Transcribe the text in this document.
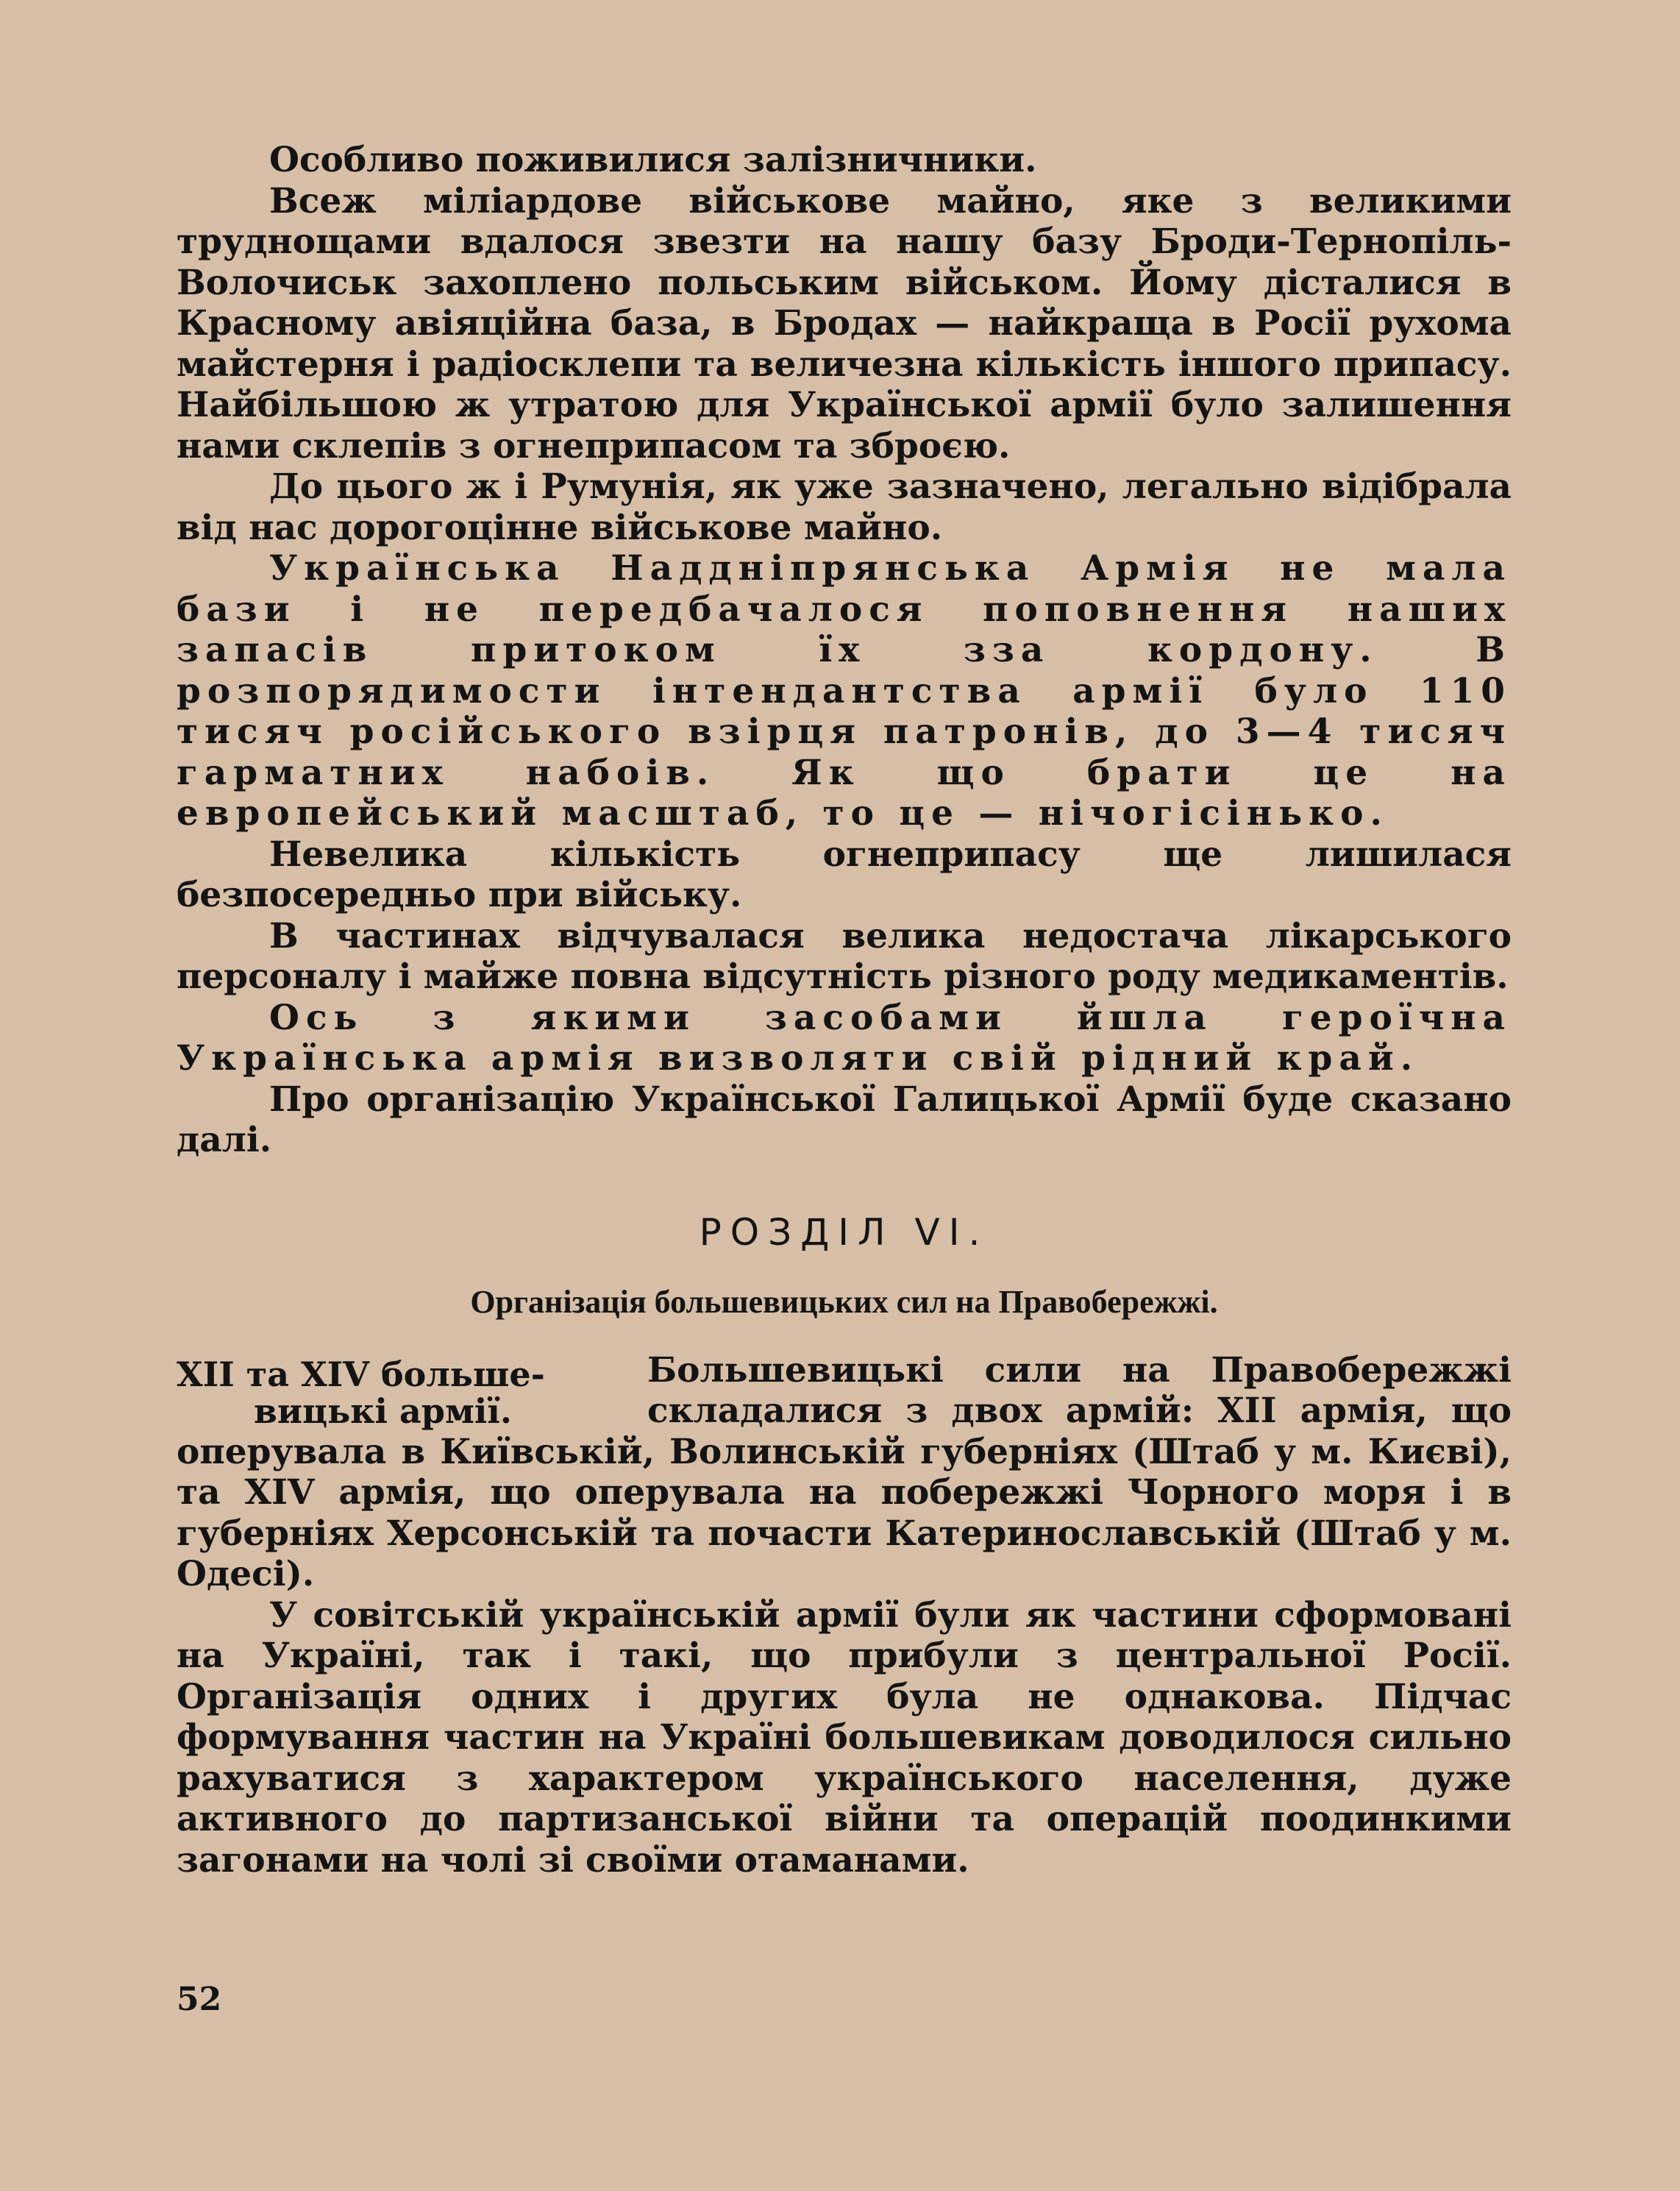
Особливо поживилися залізничники.

Всеж міліардове військове майно, яке з великими труднощами вдалося звезти на нашу базу Броди-Тернопіль-Волочиськ захоплено польським військом. Йому дісталися в Красному авіяційна база, в Бродах — найкраща в Росії рухома майстерня і радіосклепи та величезна кількість іншого припасу. Найбільшою ж утратою для Української армії було залишення нами склепів з огнеприпасом та зброєю.

До цього ж і Румунія, як уже зазначено, легально відібрала від нас дорогоцінне військове майно.

Українська Наддніпрянська Армія не мала бази і не передбачалося поповнення наших запасів притоком їх зза кордону. В розпорядимости інтендантства армії було 110 тисяч російського взірця патронів, до 3—4 тисяч гарматних набоів. Як що брати це на европейський масштаб, то це — нічогісінько.

Невелика кількість огнеприпасу ще лишилася безпосередньо при війську.

В частинах відчувалася велика недостача лікарського персоналу і майже повна відсутність різного роду медикаментів.

Ось з якими засобами йшла героїчна Українська армія визволяти свій рідний край.

Про організацію Української Галицької Армії буде сказано далі.

РОЗДІЛ VI.
Організація большевицьких сил на Правобережжі.
XII та XIV больше-
вицькі армії.

Большевицькі сили на Правобережжі складалися з двох армій: XII армія, що оперувала в Київській, Волинській губерніях (Штаб у м. Києві), та XIV армія, що оперувала на побережжі Чорного моря і в губерніях Херсонській та почасти Катеринославській (Штаб у м. Одесі).

У совітській українській армії були як частини сформовані на Україні, так і такі, що прибули з центральної Росії. Організація одних і других була не однакова. Підчас формування частин на Україні большевикам доводилося сильно рахуватися з характером українського населення, дуже активного до партизанської війни та операцій поодинкими загонами на чолі зі своїми отаманами.

52
